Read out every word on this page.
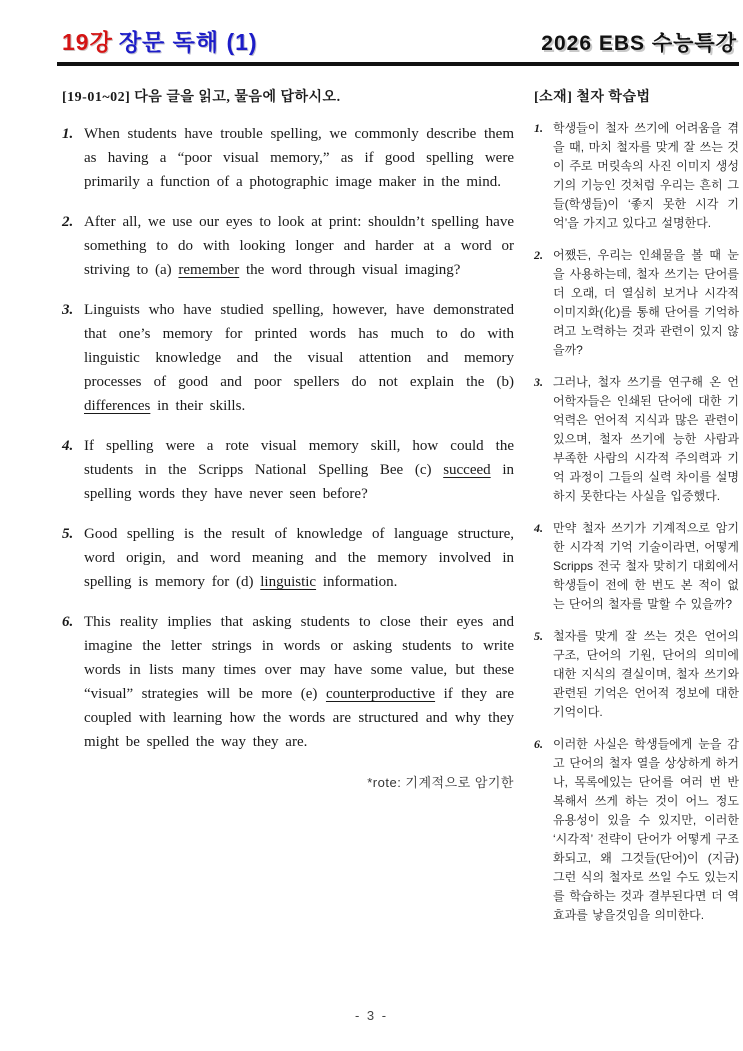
19강 장문 독해 (1)	2026 EBS 수능특강
[19-01~02] 다음 글을 읽고, 물음에 답하시오.
1. When students have trouble spelling, we commonly describe them as having a “poor visual memory,” as if good spelling were primarily a function of a photographic image maker in the mind.
2. After all, we use our eyes to look at print: shouldn’t spelling have something to do with looking longer and harder at a word or striving to (a) remember the word through visual imaging?
3. Linguists who have studied spelling, however, have demonstrated that one’s memory for printed words has much to do with linguistic knowledge and the visual attention and memory processes of good and poor spellers do not explain the (b) differences in their skills.
4. If spelling were a rote visual memory skill, how could the students in the Scripps National Spelling Bee (c) succeed in spelling words they have never seen before?
5. Good spelling is the result of knowledge of language structure, word origin, and word meaning and the memory involved in spelling is memory for (d) linguistic information.
6. This reality implies that asking students to close their eyes and imagine the letter strings in words or asking students to write words in lists many times over may have some value, but these “visual” strategies will be more (e) counterproductive if they are coupled with learning how the words are structured and why they might be spelled the way they are.
*rote: 기계적으로 암기한
[소재] 철자 학습법
1. 학생들이 철자 쓰기에 어려움을 겪을 때, 마치 철자를 맞게 잘 쓰는 것이 주로 머릿속의 사진 이미지 생성기의 기능인 것처럼 우리는 흔히 그들(학생들)이 ‘좋지 못한 시각 기억’을 가지고 있다고 설명한다.
2. 어쨌든, 우리는 인쇄물을 볼 때 눈을 사용하는데, 철자 쓰기는 단어를 더 오래, 더 열심히 보거나 시각적 이미지화(化)를 통해 단어를 기억하려고 노력하는 것과 관련이 있지 않을까?
3. 그러나, 철자 쓰기를 연구해 온 언어학자들은 인쇄된 단어에 대한 기억력은 언어적 지식과 많은 관련이 있으며, 철자 쓰기에 능한 사람과 부족한 사람의 시각적 주의력과 기억 과정이 그들의 실력 차이를 설명하지 못한다는 사실을 입증했다.
4. 만약 철자 쓰기가 기계적으로 암기한 시각적 기억 기술이라면, 어떻게 Scripps 전국 철자 맞히기 대회에서 학생들이 전에 한 번도 본 적이 없는 단어의 철자를 말할 수 있을까?
5. 철자를 맞게 잘 쓰는 것은 언어의 구조, 단어의 기원, 단어의 의미에 대한 지식의 결실이며, 철자 쓰기와 관련된 기억은 언어적 정보에 대한 기억이다.
6. 이러한 사실은 학생들에게 눈을 감고 단어의 철자 열을 상상하게 하거나, 목록에있는 단어를 여러 번 반복해서 쓰게 하는 것이 어느 정도 유용성이 있을 수 있지만, 이러한 ‘시각적’ 전략이 단어가 어떻게 구조화되고, 왜 그것들(단어)이 (지금) 그런 식의 철자로 쓰일 수도 있는지를 학습하는 것과 결부된다면 더 역효과를 낳을것임을 의미한다.
- 3 -
